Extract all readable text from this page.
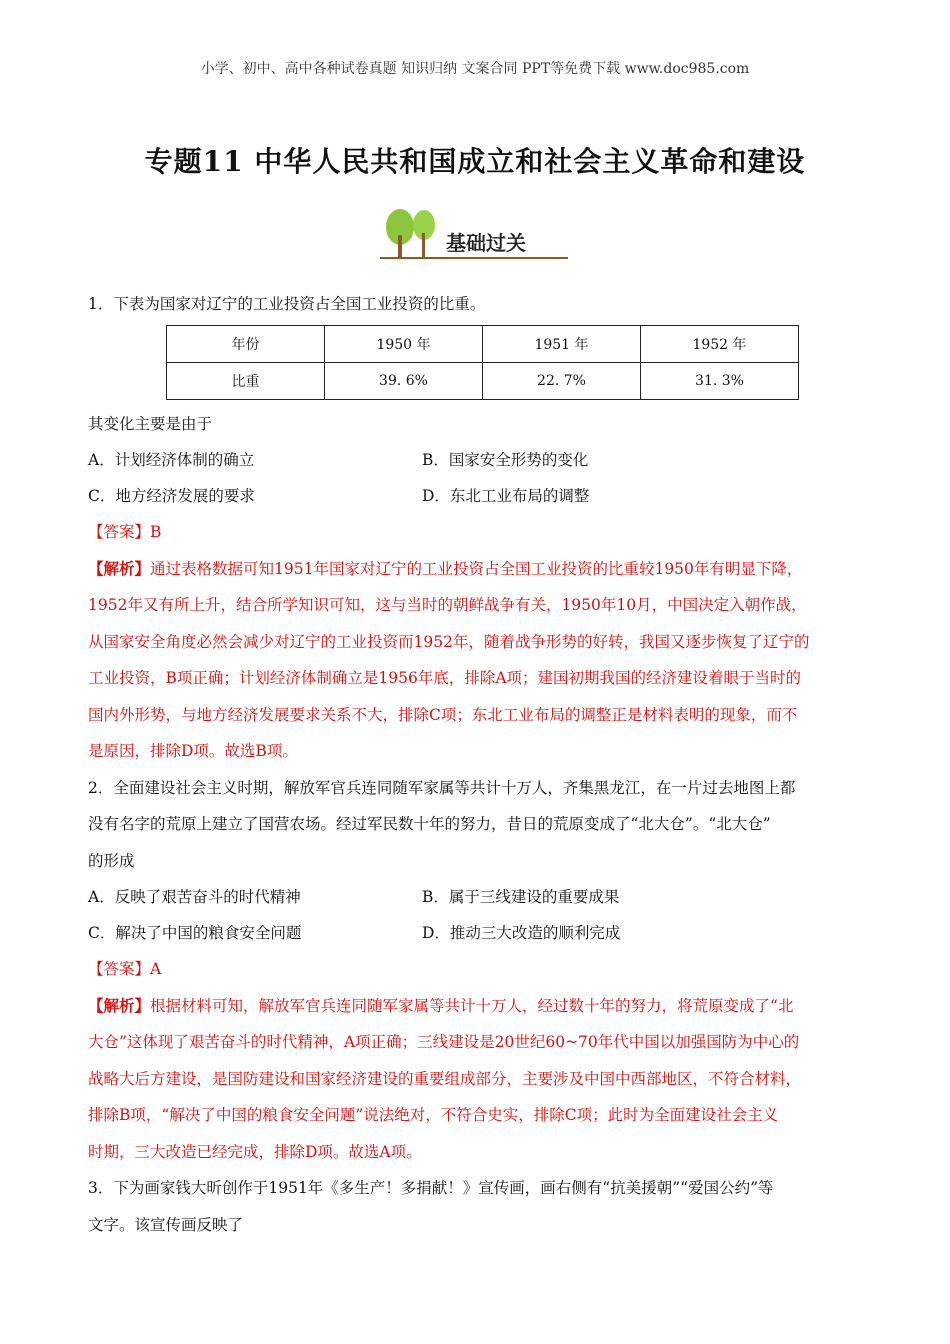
小学、初中、高中各种试卷真题 知识归纳 文案合同 PPT等免费下载 www.doc985.com
专题11 中华人民共和国成立和社会主义革命和建设
基础过关

1．下表为国家对辽宁的工业投资占全国工业投资的比重。

年份	1950 年	1951 年	1952 年
比重	39. 6%	22. 7%	31. 3%

其变化主要是由于

A．计划经济体制的确立	B．国家安全形势的变化
C．地方经济发展的要求	D．东北工业布局的调整

【答案】B

【解析】通过表格数据可知1951年国家对辽宁的工业投资占全国工业投资的比重较1950年有明显下降，

1952年又有所上升，结合所学知识可知，这与当时的朝鲜战争有关，1950年10月，中国决定入朝作战，

从国家安全角度必然会减少对辽宁的工业投资而1952年，随着战争形势的好转，我国又逐步恢复了辽宁的

工业投资，B项正确；计划经济体制确立是1956年底，排除A项；建国初期我国的经济建设着眼于当时的

国内外形势，与地方经济发展要求关系不大，排除C项；东北工业布局的调整正是材料表明的现象，而不

是原因，排除D项。故选B项。

2．全面建设社会主义时期，解放军官兵连同随军家属等共计十万人，齐集黑龙江，在一片过去地图上都

没有名字的荒原上建立了国营农场。经过军民数十年的努力，昔日的荒原变成了“北大仓”。“北大仓”

的形成

A．反映了艰苦奋斗的时代精神	B．属于三线建设的重要成果
C．解决了中国的粮食安全问题	D．推动三大改造的顺利完成

【答案】A

【解析】根据材料可知，解放军官兵连同随军家属等共计十万人，经过数十年的努力，将荒原变成了“北

大仓”这体现了艰苦奋斗的时代精神，A项正确；三线建设是20世纪60~70年代中国以加强国防为中心的

战略大后方建设，是国防建设和国家经济建设的重要组成部分，主要涉及中国中西部地区，不符合材料，

排除B项，“解决了中国的粮食安全问题”说法绝对，不符合史实，排除C项；此时为全面建设社会主义

时期，三大改造已经完成，排除D项。故选A项。

3．下为画家钱大昕创作于1951年《多生产！多捐献！》宣传画，画右侧有“抗美援朝”“爱国公约”等

文字。该宣传画反映了
